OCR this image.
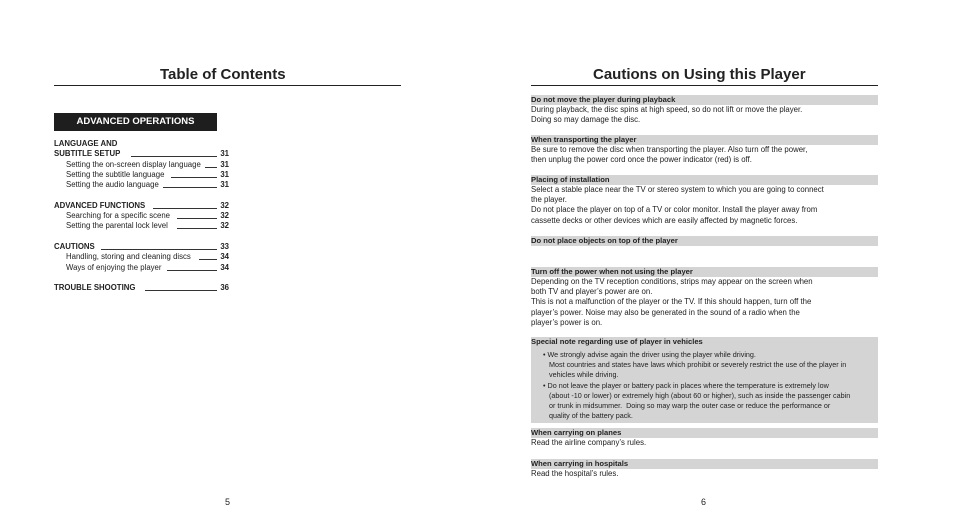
Table of Contents
ADVANCED OPERATIONS
LANGUAGE AND
SUBTITLE SETUP	31
Setting the on-screen display language	31
Setting the subtitle language	31
Setting the audio language	31
ADVANCED FUNCTIONS	32
Searching for a specific scene	32
Setting the parental lock level	32
CAUTIONS	33
Handling, storing and cleaning discs	34
Ways of enjoying the player	34
TROUBLE SHOOTING	36
5
Cautions on Using this Player
Do not move the player during playback

During playback, the disc spins at high speed, so do not lift or move the player.

Doing so may damage the disc.

When transporting the player

Be sure to remove the disc when transporting the player. Also turn off the power,

then unplug the power cord once the power indicator (red) is off.

Placing of installation

Select a stable place near the TV or stereo system to which you are going to connect

the player.

Do not place the player on top of a TV or color monitor. Install the player away from

cassette decks or other devices which are easily affected by magnetic forces.

Do not place objects on top of the player
Turn off the power when not using the player

Depending on the TV reception conditions, strips may appear on the screen when

both TV and player’s power are on.

This is not a malfunction of the player or the TV. If this should happen, turn off the

player’s power. Noise may also be generated in the sound of a radio when the

player’s power is on.

Special note regarding use of player in vehicles

• We strongly advise again the driver using the player while driving.

Most countries and states have laws which prohibit or severely restrict the use of the player in

vehicles while driving.

• Do not leave the player or battery pack in places where the temperature is extremely low

(about -10 or lower) or extremely high (about 60 or higher), such as inside the passenger cabin

or trunk in midsummer.  Doing so may warp the outer case or reduce the performance or

quality of the battery pack.

When carrying on planes

Read the airline company’s rules.

When carrying in hospitals

Read the hospital’s rules.

6
